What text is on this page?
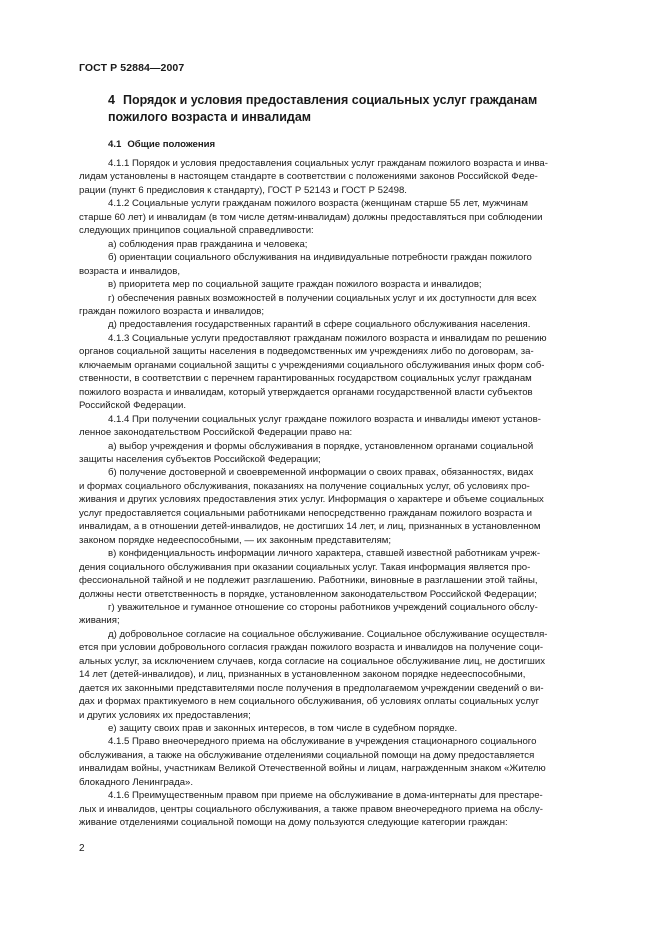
ГОСТ Р 52884—2007
4 Порядок и условия предоставления социальных услуг гражданам
пожилого возраста и инвалидам
4.1 Общие положения

4.1.1 Порядок и условия предоставления социальных услуг гражданам пожилого возраста и инва-

лидам установлены в настоящем стандарте в соответствии с положениями законов Российской Феде-

рации (пункт 6 предисловия к стандарту), ГОСТ Р 52143 и ГОСТ Р 52498.

4.1.2 Социальные услуги гражданам пожилого возраста (женщинам старше 55 лет, мужчинам

старше 60 лет) и инвалидам (в том числе детям-инвалидам) должны предоставляться при соблюдении

следующих принципов социальной справедливости:

а) соблюдения прав гражданина и человека;

б) ориентации социального обслуживания на индивидуальные потребности граждан пожилого

возраста и инвалидов,

в) приоритета мер по социальной защите граждан пожилого возраста и инвалидов;

г) обеспечения равных возможностей в получении социальных услуг и их доступности для всех

граждан пожилого возраста и инвалидов;

д) предоставления государственных гарантий в сфере социального обслуживания населения.

4.1.3 Социальные услуги предоставляют гражданам пожилого возраста и инвалидам по решению

органов социальной защиты населения в подведомственных им учреждениях либо по договорам, за-

ключаемым органами социальной защиты с учреждениями социального обслуживания иных форм соб-

ственности, в соответствии с перечнем гарантированных государством социальных услуг гражданам

пожилого возраста и инвалидам, который утверждается органами государственной власти субъектов

Российской Федерации.

4.1.4 При получении социальных услуг граждане пожилого возраста и инвалиды имеют установ-

ленное законодательством Российской Федерации право на:

а) выбор учреждения и формы обслуживания в порядке, установленном органами социальной

защиты населения субъектов Российской Федерации;

б) получение достоверной и своевременной информации о своих правах, обязанностях, видах

и формах социального обслуживания, показаниях на получение социальных услуг, об условиях про-

живания и других условиях предоставления этих услуг. Информация о характере и объеме социальных

услуг предоставляется социальными работниками непосредственно гражданам пожилого возраста и

инвалидам, а в отношении детей-инвалидов, не достигших 14 лет, и лиц, признанных в установленном

законом порядке недееспособными, — их законным представителям;

в) конфиденциальность информации личного характера, ставшей известной работникам учреж-

дения социального обслуживания при оказании социальных услуг. Такая информация является про-

фессиональной тайной и не подлежит разглашению. Работники, виновные в разглашении этой тайны,

должны нести ответственность в порядке, установленном законодательством Российской Федерации;

г) уважительное и гуманное отношение со стороны работников учреждений социального обслу-

живания;

д) добровольное согласие на социальное обслуживание. Социальное обслуживание осуществля-

ется при условии добровольного согласия граждан пожилого возраста и инвалидов на получение соци-

альных услуг, за исключением случаев, когда согласие на социальное обслуживание лиц, не достигших

14 лет (детей-инвалидов), и лиц, признанных в установленном законом порядке недееспособными,

дается их законными представителями после получения в предполагаемом учреждении сведений о ви-

дах и формах практикуемого в нем социального обслуживания, об условиях оплаты социальных услуг

и других условиях их предоставления;

е) защиту своих прав и законных интересов, в том числе в судебном порядке.

4.1.5 Право внеочередного приема на обслуживание в учреждения стационарного социального

обслуживания, а также на обслуживание отделениями социальной помощи на дому предоставляется

инвалидам войны, участникам Великой Отечественной войны и лицам, награжденным знаком «Жителю

блокадного Ленинграда».

4.1.6 Преимущественным правом при приеме на обслуживание в дома-интернаты для престаре-

лых и инвалидов, центры социального обслуживания, а также правом внеочередного приема на обслу-

живание отделениями социальной помощи на дому пользуются следующие категории граждан:

2
